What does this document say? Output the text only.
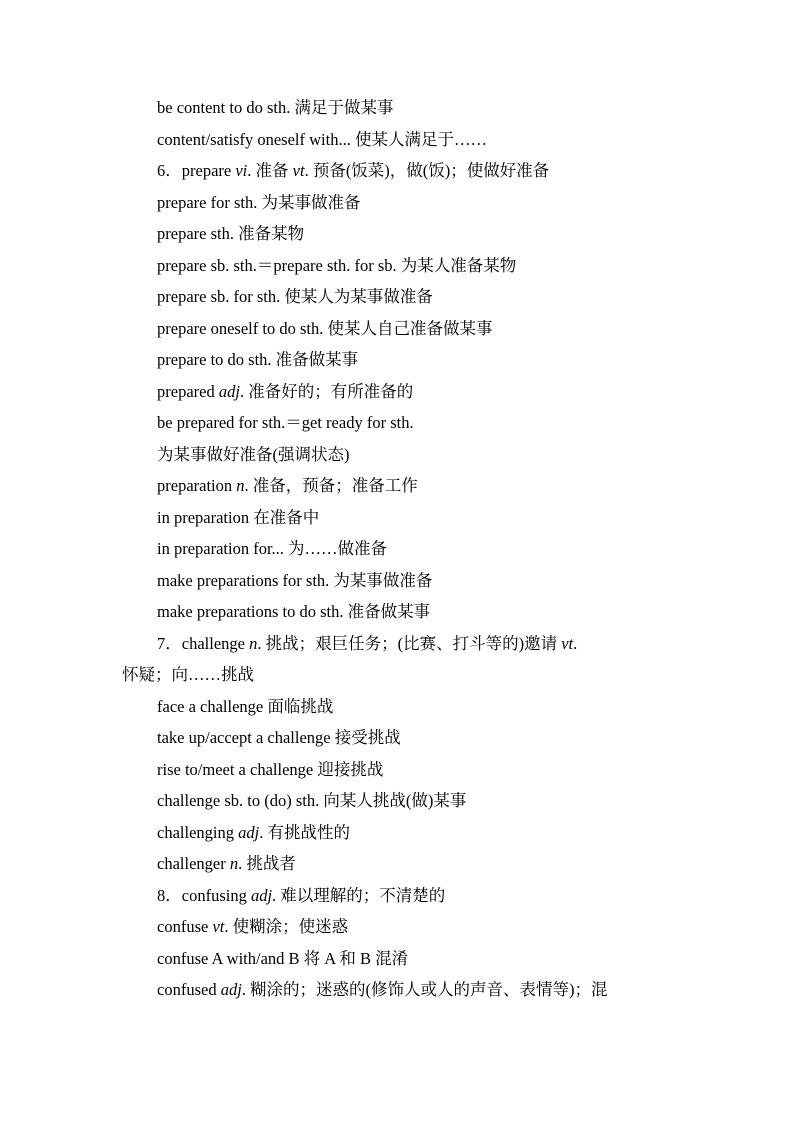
be content to do sth. 满足于做某事
content/satisfy oneself with... 使某人满足于……
6．prepare vi. 准备 vt. 预备(饭菜)，做(饭)；使做好准备
prepare for sth. 为某事做准备
prepare sth. 准备某物
prepare sb. sth.＝prepare sth. for sb. 为某人准备某物
prepare sb. for sth. 使某人为某事做准备
prepare oneself to do sth. 使某人自己准备做某事
prepare to do sth. 准备做某事
prepared adj. 准备好的；有所准备的
be prepared for sth.＝get ready for sth.
为某事做好准备(强调状态)
preparation n. 准备，预备；准备工作
in preparation 在准备中
in preparation for... 为……做准备
make preparations for sth. 为某事做准备
make preparations to do sth. 准备做某事
7．challenge n. 挑战；艰巨任务；(比赛、打斗等的)邀请 vt.
怀疑；向……挑战
face a challenge 面临挑战
take up/accept a challenge 接受挑战
rise to/meet a challenge 迎接挑战
challenge sb. to (do) sth. 向某人挑战(做)某事
challenging adj. 有挑战性的
challenger n. 挑战者
8．confusing adj. 难以理解的；不清楚的
confuse vt. 使糊涂；使迷惑
confuse A with/and B 将 A 和 B 混淆
confused adj. 糊涂的；迷惑的(修饰人或人的声音、表情等)；混
